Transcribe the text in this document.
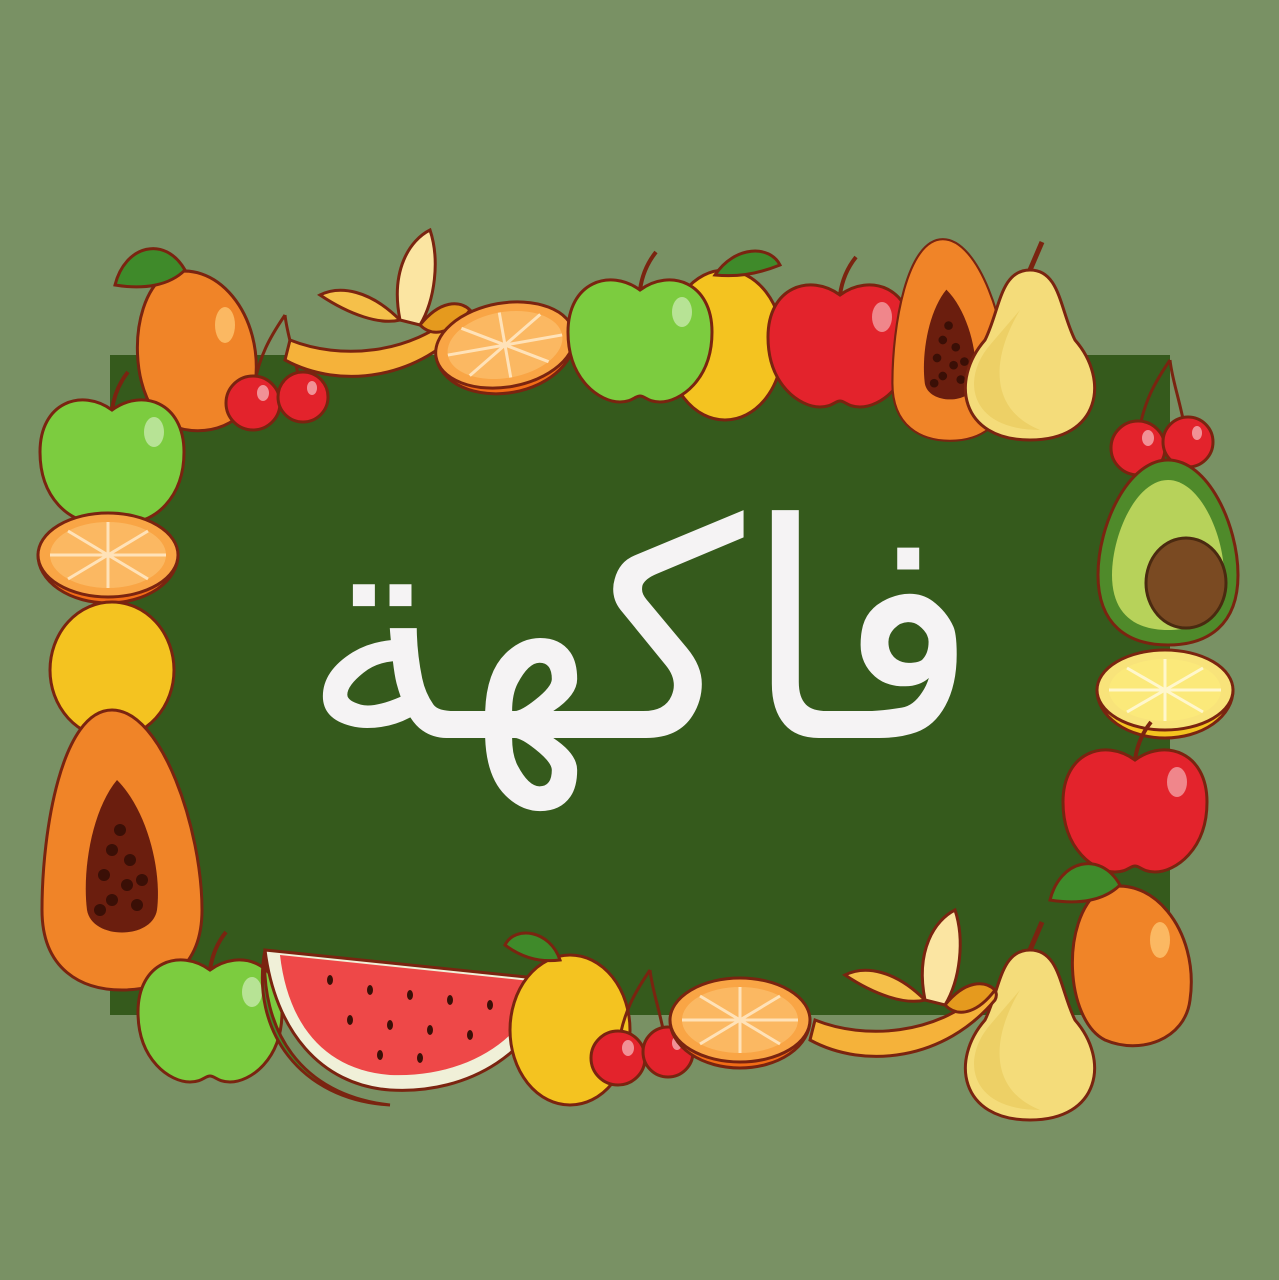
فاكهة
